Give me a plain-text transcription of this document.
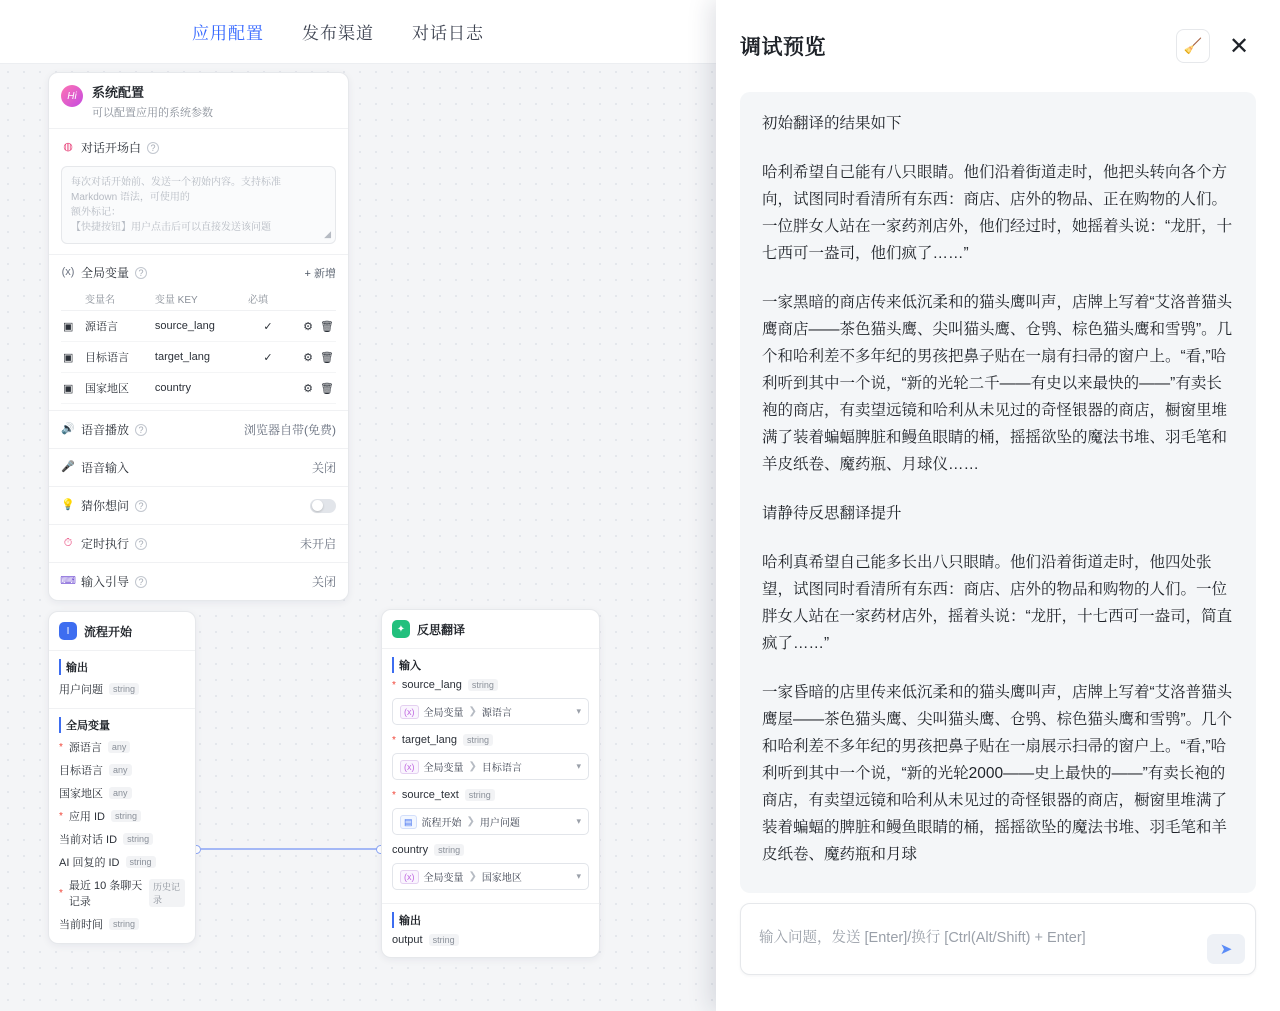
应用配置 发布渠道 对话日志
Hi	系统配置
可以配置应用的系统参数
◍ 对话开场白	?
每次对话开始前、发送一个初始内容。支持标准 Markdown 语法，可使用的
额外标记：
【快捷按钮】用户点击后可以直接发送该问题
◢
(x) 全局变量	?	+ 新增
	变量名	变量 KEY	必填	
▣	源语言	source_lang	✓	⚙ 🗑
▣	目标语言	target_lang	✓	⚙ 🗑
▣	国家地区	country		⚙ 🗑
🔊 语音播放	?	浏览器自带(免费)
🎤 语音输入	关闭
💡 猜你想问	?
⏱ 定时执行	?	未开启
⌨ 输入引导	?	关闭
I	流程开始
输出
用户问题	string
全局变量
* 源语言	any
目标语言	any
国家地区	any
* 应用 ID	string
当前对话 ID	string
AI 回复的 ID	string
*
最近 10 条聊天记录
历史记录
当前时间	string
✦ 反思翻译
输入
* source_lang	string
(x) 全局变量 ❯ 源语言	▾
* target_lang	string
(x) 全局变量 ❯ 目标语言	▾
* source_text	string
▤ 流程开始 ❯ 用户问题	▾
country	string
(x) 全局变量 ❯ 国家地区	▾
输出
output	string
调试预览	🧹	✕

初始翻译的结果如下

哈利希望自己能有八只眼睛。他们沿着街道走时，他把头转向各个方向，试图同时看清所有东西：商店、店外的物品、正在购物的人们。一位胖女人站在一家药剂店外，他们经过时，她摇着头说：“龙肝，十七西可一盎司，他们疯了……”

一家黑暗的商店传来低沉柔和的猫头鹰叫声，店牌上写着“艾洛普猫头鹰商店——茶色猫头鹰、尖叫猫头鹰、仓鸮、棕色猫头鹰和雪鸮”。几个和哈利差不多年纪的男孩把鼻子贴在一扇有扫帚的窗户上。“看,”哈利听到其中一个说，“新的光轮二千——有史以来最快的——”有卖长袍的商店，有卖望远镜和哈利从未见过的奇怪银器的商店，橱窗里堆满了装着蝙蝠脾脏和鳗鱼眼睛的桶，摇摇欲坠的魔法书堆、羽毛笔和羊皮纸卷、魔药瓶、月球仪……

请静待反思翻译提升

哈利真希望自己能多长出八只眼睛。他们沿着街道走时，他四处张望，试图同时看清所有东西：商店、店外的物品和购物的人们。一位胖女人站在一家药材店外，摇着头说：“龙肝，十七西可一盎司，简直疯了……”

一家昏暗的店里传来低沉柔和的猫头鹰叫声，店牌上写着“艾洛普猫头鹰屋——茶色猫头鹰、尖叫猫头鹰、仓鸮、棕色猫头鹰和雪鸮”。几个和哈利差不多年纪的男孩把鼻子贴在一扇展示扫帚的窗户上。“看,”哈利听到其中一个说，“新的光轮2000——史上最快的——”有卖长袍的商店，有卖望远镜和哈利从未见过的奇怪银器的商店，橱窗里堆满了装着蝙蝠的脾脏和鳗鱼眼睛的桶，摇摇欲坠的魔法书堆、羽毛笔和羊皮纸卷、魔药瓶和月球

输入问题，发送 [Enter]/换行 [Ctrl(Alt/Shift) + Enter]
➤
